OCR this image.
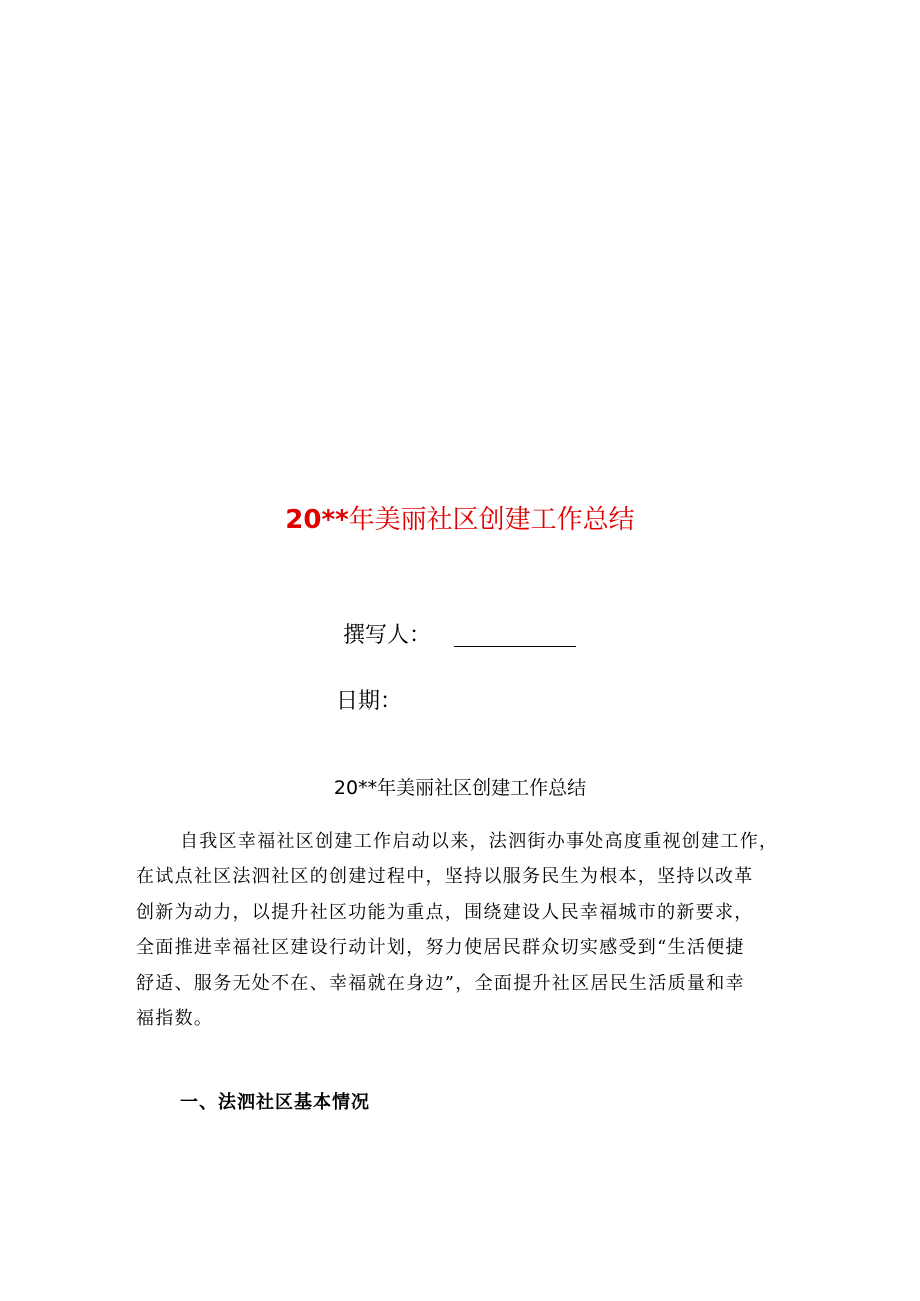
20**年美丽社区创建工作总结
撰写人：
日期：
20**年美丽社区创建工作总结
自我区幸福社区创建工作启动以来，法泗街办事处高度重视创建工作，
在试点社区法泗社区的创建过程中，坚持以服务民生为根本，坚持以改革
创新为动力，以提升社区功能为重点，围绕建设人民幸福城市的新要求，
全面推进幸福社区建设行动计划，努力使居民群众切实感受到“生活便捷
舒适、服务无处不在、幸福就在身边”，全面提升社区居民生活质量和幸
福指数。
一、法泗社区基本情况
